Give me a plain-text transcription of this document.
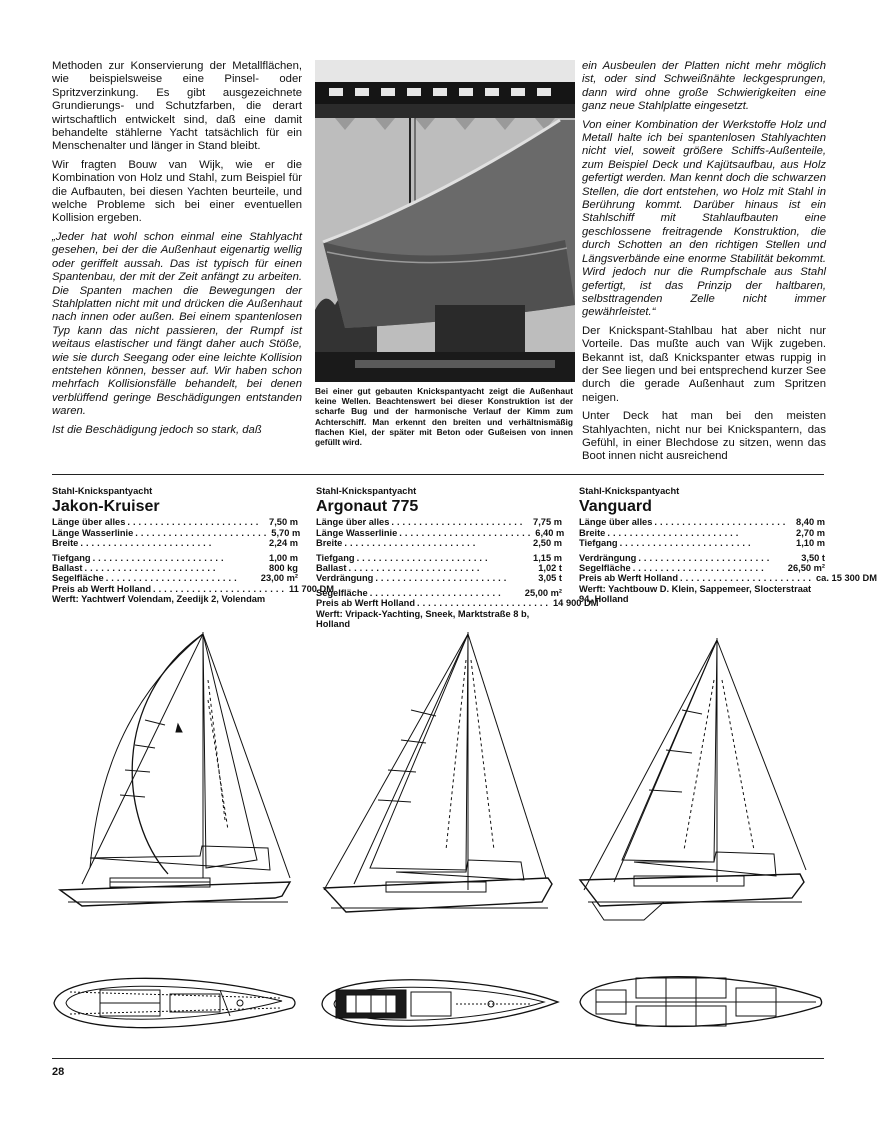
Methoden zur Konservierung der Metallflächen, wie beispielsweise eine Pinsel- oder Spritzverzinkung. Es gibt ausgezeichnete Grundierungs- und Schutzfarben, die derart wirtschaftlich entwickelt sind, daß eine damit behandelte stählerne Yacht tatsächlich für ein Menschenalter und länger in Stand bleibt.

Wir fragten Bouw van Wijk, wie er die Kombination von Holz und Stahl, zum Beispiel für die Aufbauten, bei diesen Yachten beurteile, und welche Probleme sich bei einer eventuellen Kollision ergeben.

„Jeder hat wohl schon einmal eine Stahlyacht gesehen, bei der die Außenhaut eigenartig wellig oder geriffelt aussah. Das ist typisch für einen Spantenbau, der mit der Zeit anfängt zu arbeiten. Die Spanten machen die Bewegungen der Stahlplatten nicht mit und drücken die Außenhaut nach innen oder außen. Bei einem spantenlosen Typ kann das nicht passieren, der Rumpf ist weitaus elastischer und fängt daher auch Stöße, wie sie durch Seegang oder eine leichte Kollision entstehen können, besser auf. Wir haben schon mehrfach Kollisionsfälle behandelt, bei denen verblüffend geringe Beschädigungen entstanden waren.

Ist die Beschädigung jedoch so stark, daß

Bei einer gut gebauten Knickspantyacht zeigt die Außenhaut keine Wellen. Beachtenswert bei dieser Konstruktion ist der scharfe Bug und der harmonische Verlauf der Kimm zum Achterschiff. Man erkennt den breiten und verhältnismäßig flachen Kiel, der später mit Beton oder Gußeisen von innen gefüllt wird.

ein Ausbeulen der Platten nicht mehr möglich ist, oder sind Schweißnähte leckgesprungen, dann wird ohne große Schwierigkeiten eine ganz neue Stahlplatte eingesetzt.

Von einer Kombination der Werkstoffe Holz und Metall halte ich bei spantenlosen Stahlyachten nicht viel, soweit größere Schiffs-Außenteile, zum Beispiel Deck und Kajütsaufbau, aus Holz gefertigt werden. Man kennt doch die schwarzen Stellen, die dort entstehen, wo Holz mit Stahl in Berührung kommt. Darüber hinaus ist ein Stahlschiff mit Stahlaufbauten eine geschlossene freitragende Konstruktion, die durch Schotten an den richtigen Stellen und Längsverbände eine enorme Stabilität bekommt. Wird jedoch nur die Rumpfschale aus Stahl gefertigt, ist das Prinzip der haltbaren, selbsttragenden Zelle nicht immer gewährleistet.“

Der Knickspant-Stahlbau hat aber nicht nur Vorteile. Das mußte auch van Wijk zugeben. Bekannt ist, daß Knickspanter etwas ruppig in der See liegen und bei entsprechend kurzer See durch die gerade Außenhaut zum Spritzen neigen.

Unter Deck hat man bei den meisten Stahlyachten, nicht nur bei Knickspantern, das Gefühl, in einer Blechdose zu sitzen, wenn das Boot innen nicht ausreichend

Stahl-Knickspantyacht
Jakon-Kruiser
Länge über alles ........................ 7,50 m
Länge Wasserlinie ........................ 5,70 m
Breite ........................	2,24 m
Tiefgang ........................	1,00 m
Ballast ........................	800 kg
Segelfläche ........................	23,00 m²
Preis ab Werft Holland ........................ 11 700 DM
Werft: Yachtwerf Volendam, Zeedijk 2, Volendam
Stahl-Knickspantyacht
Argonaut 775
Länge über alles ........................ 7,75 m
Länge Wasserlinie ........................ 6,40 m
Breite ........................	2,50 m
Tiefgang ........................	1,15 m
Ballast ........................	1,02 t
Verdrängung ........................	3,05 t
Segelfläche ........................	25,00 m²
Preis ab Werft Holland ........................ 14 900 DM
Werft: Vripack-Yachting, Sneek, Marktstraße 8 b, Holland
Stahl-Knickspantyacht
Vanguard
Länge über alles ........................ 8,40 m
Breite ........................	2,70 m
Tiefgang ........................	1,10 m
Verdrängung ........................	3,50 t
Segelfläche ........................	26,50 m²
Preis ab Werft Holland ........................ ca. 15 300 DM
Werft: Yachtbouw D. Klein, Sappemeer, Slocterstraat 94, Holland
28
